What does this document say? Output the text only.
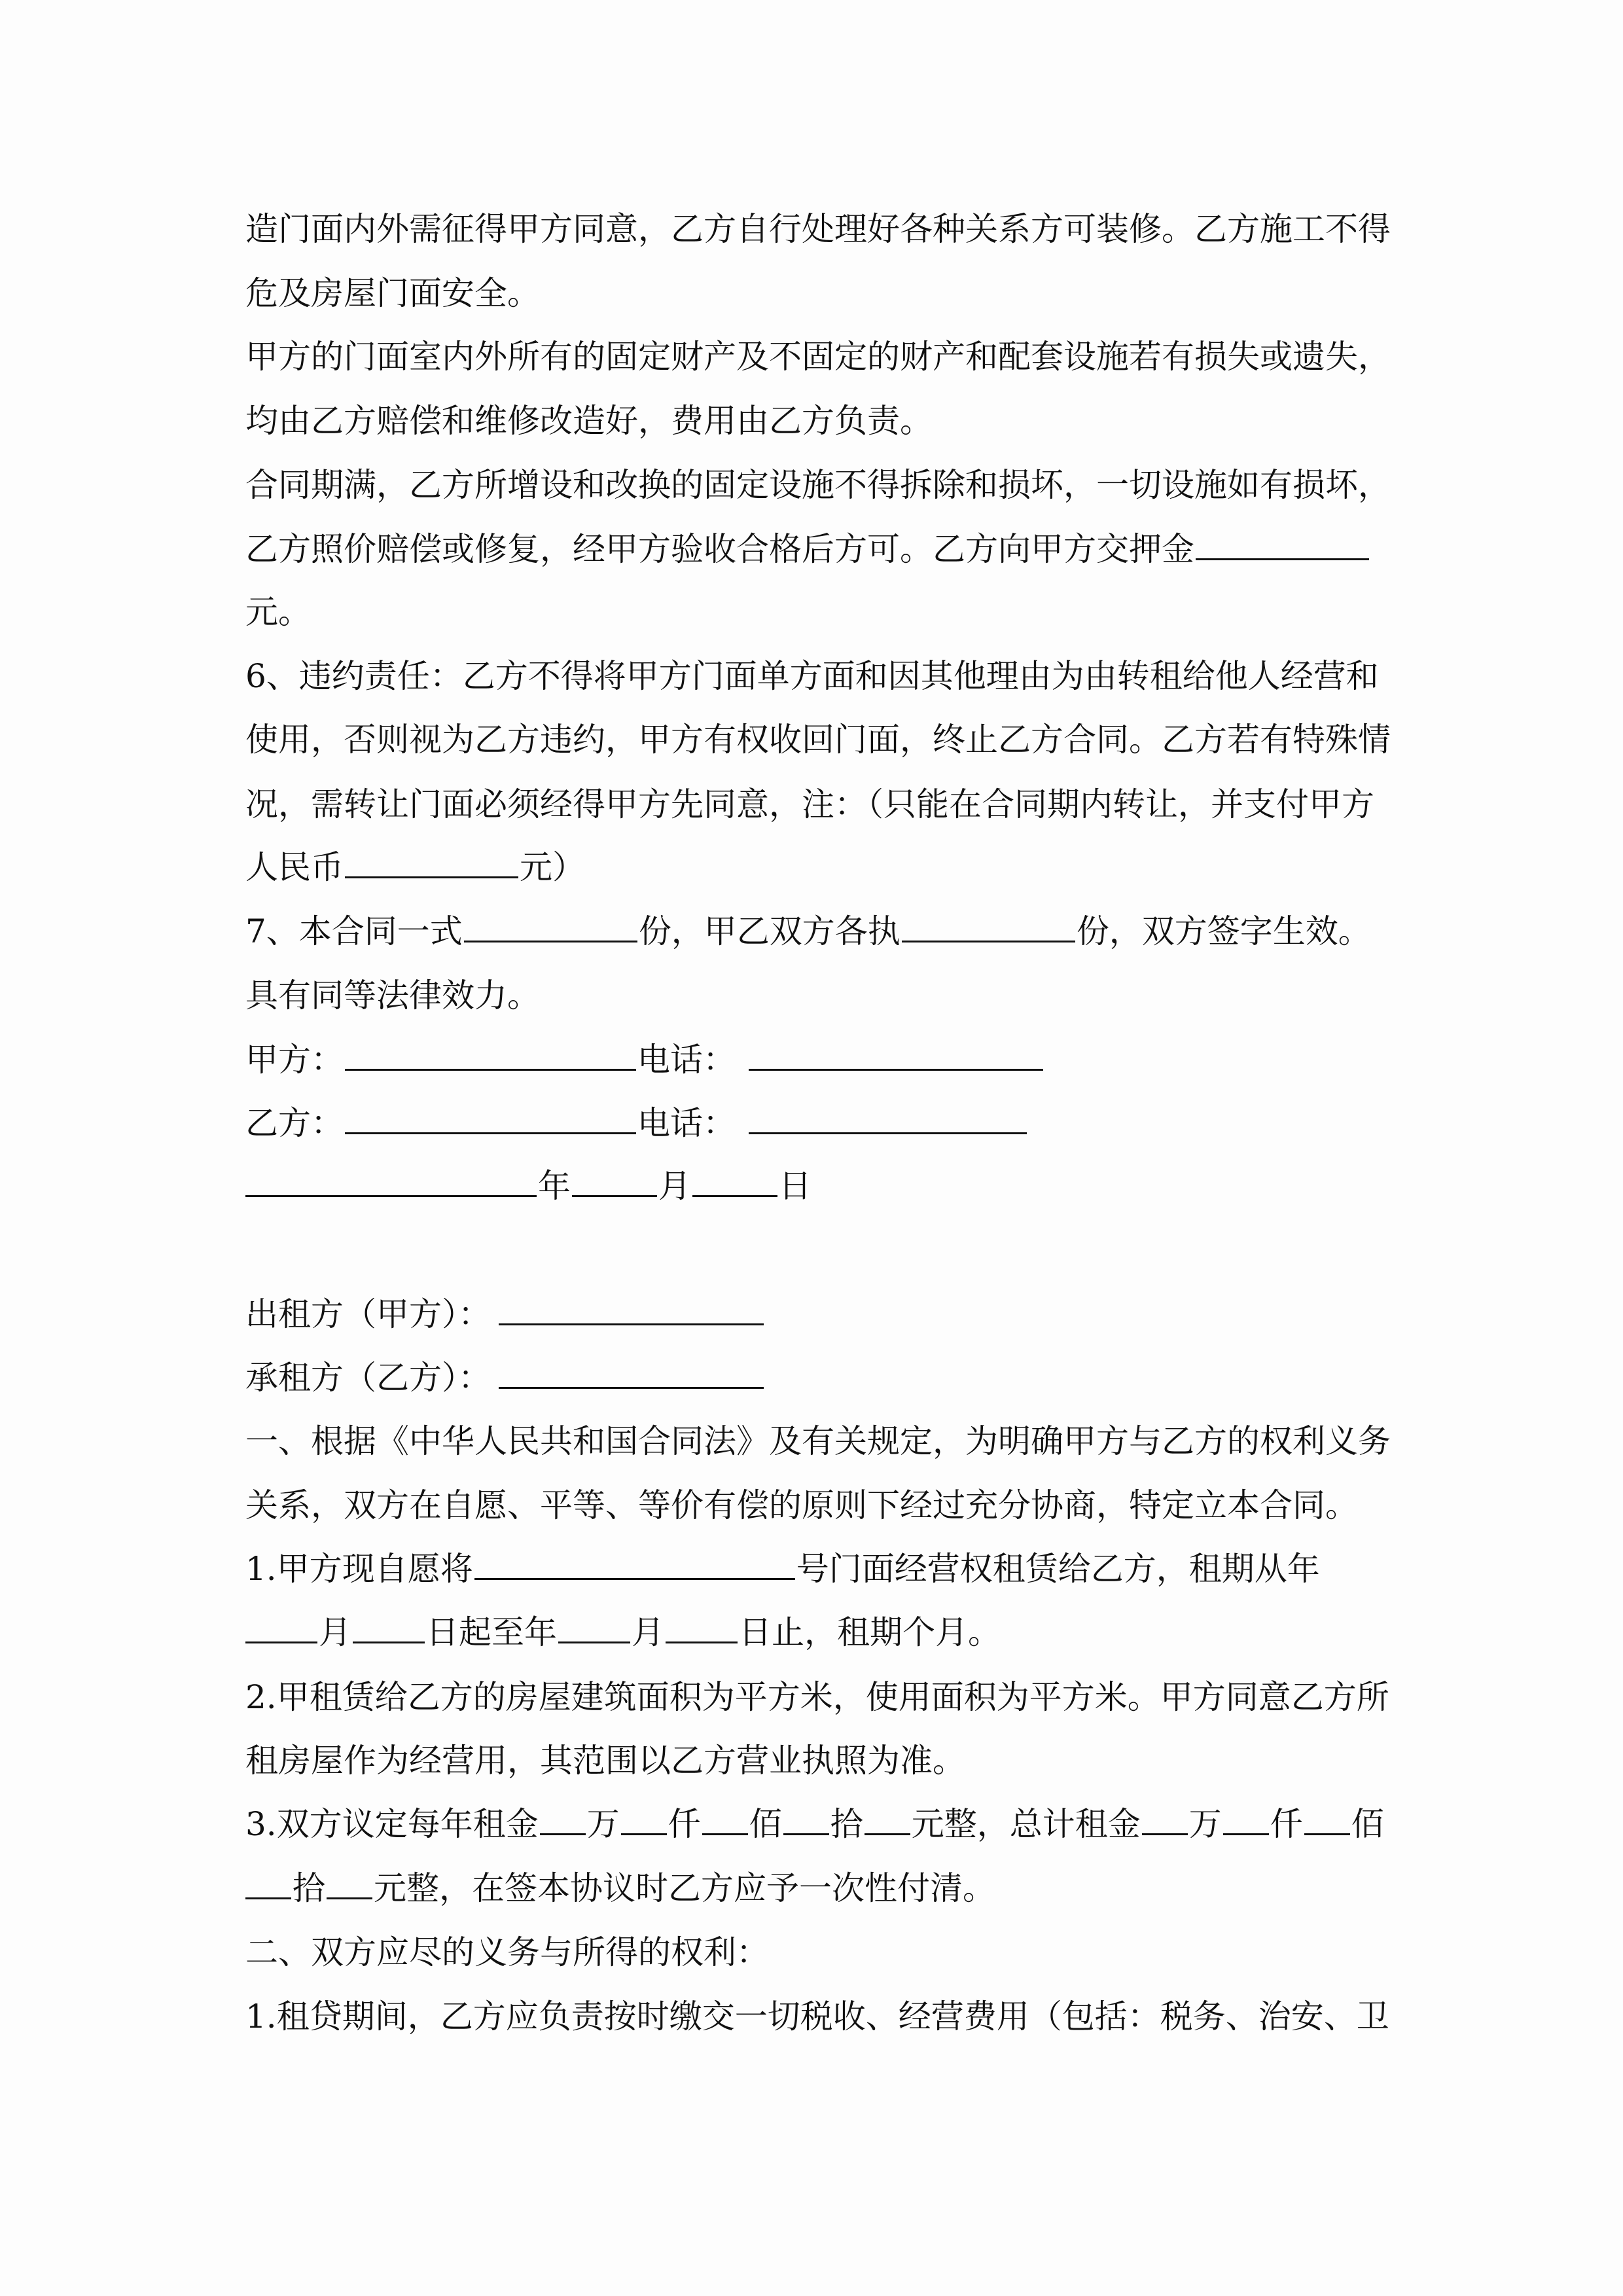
造门面内外需征得甲方同意，乙方自行处理好各种关系方可装修。乙方施工不得
危及房屋门面安全。
甲方的门面室内外所有的固定财产及不固定的财产和配套设施若有损失或遗失，
均由乙方赔偿和维修改造好，费用由乙方负责。
合同期满，乙方所增设和改换的固定设施不得拆除和损坏，一切设施如有损坏，
乙方照价赔偿或修复，经甲方验收合格后方可。乙方向甲方交押金
元。
6、违约责任：乙方不得将甲方门面单方面和因其他理由为由转租给他人经营和
使用，否则视为乙方违约，甲方有权收回门面，终止乙方合同。乙方若有特殊情
况，需转让门面必须经得甲方先同意，注：（只能在合同期内转让，并支付甲方
人民币	元）
7、本合同一式	份，甲乙双方各执	份，双方签字生效。
具有同等法律效力。
甲方：	电话：
乙方：	电话：
年	月	日
出租方（甲方）：
承租方（乙方）：
一、根据《中华人民共和国合同法》及有关规定，为明确甲方与乙方的权利义务
关系，双方在自愿、平等、等价有偿的原则下经过充分协商，特定立本合同。
1.甲方现自愿将	号门面经营权租赁给乙方，租期从年
月 日起至年 月 日止，租期个月。
2.甲租赁给乙方的房屋建筑面积为平方米，使用面积为平方米。甲方同意乙方所
租房屋作为经营用，其范围以乙方营业执照为准。
3.双方议定每年租金 万 仟 佰 拾 元整，总计租金 万 仟 佰
拾 元整，在签本协议时乙方应予一次性付清。
二、双方应尽的义务与所得的权利：
1.租贷期间，乙方应负责按时缴交一切税收、经营费用（包括：税务、治安、卫
